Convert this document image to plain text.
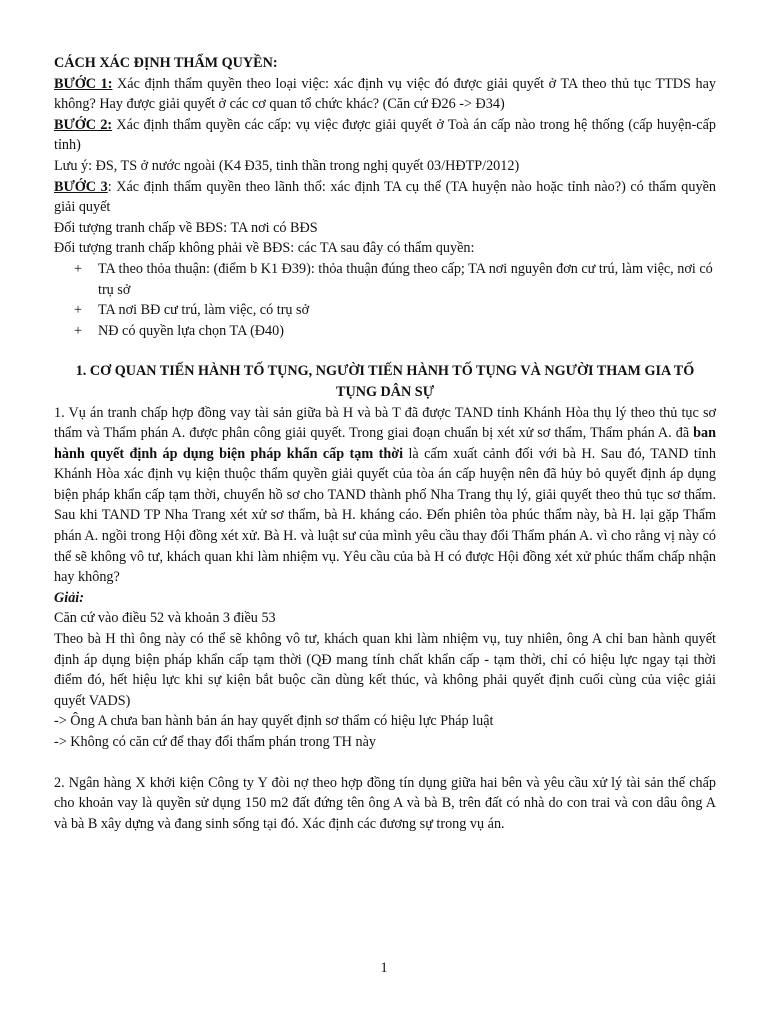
CÁCH XÁC ĐỊNH THẨM QUYỀN:

BƯỚC 1: Xác định thẩm quyền theo loại việc: xác định vụ việc đó được giải quyết ở TA theo thủ tục TTDS hay không? Hay được giải quyết ở các cơ quan tổ chức khác? (Căn cứ Đ26 -> Đ34)

BƯỚC 2: Xác định thẩm quyền các cấp: vụ việc được giải quyết ở Toà án cấp nào trong hệ thống (cấp huyện-cấp tỉnh)

Lưu ý: ĐS, TS ở nước ngoài (K4 Đ35, tinh thần trong nghị quyết 03/HĐTP/2012)

BƯỚC 3: Xác định thẩm quyền theo lãnh thổ: xác định TA cụ thể (TA huyện nào hoặc tỉnh nào?) có thẩm quyền giải quyết

Đối tượng tranh chấp về BĐS: TA nơi có BĐS

Đối tượng tranh chấp không phải về BĐS: các TA sau đây có thẩm quyền:

+ TA theo thỏa thuận: (điểm b K1 Đ39): thỏa thuận đúng theo cấp; TA nơi nguyên đơn cư trú, làm việc, nơi có trụ sở
+ TA nơi BĐ cư trú, làm việc, có trụ sở
+ NĐ có quyền lựa chọn TA (Đ40)

1. CƠ QUAN TIẾN HÀNH TỐ TỤNG, NGƯỜI TIẾN HÀNH TỐ TỤNG VÀ NGƯỜI THAM GIA TỐ TỤNG DÂN SỰ

1. Vụ án tranh chấp hợp đồng vay tài sản giữa bà H và bà T đã được TAND tỉnh Khánh Hòa thụ lý theo thủ tục sơ thẩm và Thẩm phán A. được phân công giải quyết. Trong giai đoạn chuẩn bị xét xử sơ thẩm, Thẩm phán A. đã ban hành quyết định áp dụng biện pháp khẩn cấp tạm thời là cấm xuất cảnh đối với bà H. Sau đó, TAND tỉnh Khánh Hòa xác định vụ kiện thuộc thẩm quyền giải quyết của tòa án cấp huyện nên đã hủy bỏ quyết định áp dụng biện pháp khẩn cấp tạm thời, chuyển hồ sơ cho TAND thành phố Nha Trang thụ lý, giải quyết theo thủ tục sơ thẩm. Sau khi TAND TP Nha Trang xét xử sơ thẩm, bà H. kháng cáo. Đến phiên tòa phúc thẩm này, bà H. lại gặp Thẩm phán A. ngồi trong Hội đồng xét xử. Bà H. và luật sư của mình yêu cầu thay đổi Thẩm phán A. vì cho rằng vị này có thể sẽ không vô tư, khách quan khi làm nhiệm vụ. Yêu cầu của bà H có được Hội đồng xét xử phúc thẩm chấp nhận hay không?

Giải:

Căn cứ vào điều 52 và khoản 3 điều 53

Theo bà H thì ông này có thể sẽ không vô tư, khách quan khi làm nhiệm vụ, tuy nhiên, ông A chỉ ban hành quyết định áp dụng biện pháp khẩn cấp tạm thời (QĐ mang tính chất khẩn cấp - tạm thời, chỉ có hiệu lực ngay tại thời điểm đó, hết hiệu lực khi sự kiện bắt buộc cần dùng kết thúc, và không phải quyết định cuối cùng của việc giải quyết VADS)

-> Ông A chưa ban hành bản án hay quyết định sơ thẩm có hiệu lực Pháp luật

-> Không có căn cứ để thay đổi thẩm phán trong TH này

2. Ngân hàng X khởi kiện Công ty Y đòi nợ theo hợp đồng tín dụng giữa hai bên và yêu cầu xử lý tài sản thế chấp cho khoản vay là quyền sử dụng 150 m2 đất đứng tên ông A và bà B, trên đất có nhà do con trai và con dâu ông A và bà B xây dựng và đang sinh sống tại đó. Xác định các đương sự trong vụ án.

1
